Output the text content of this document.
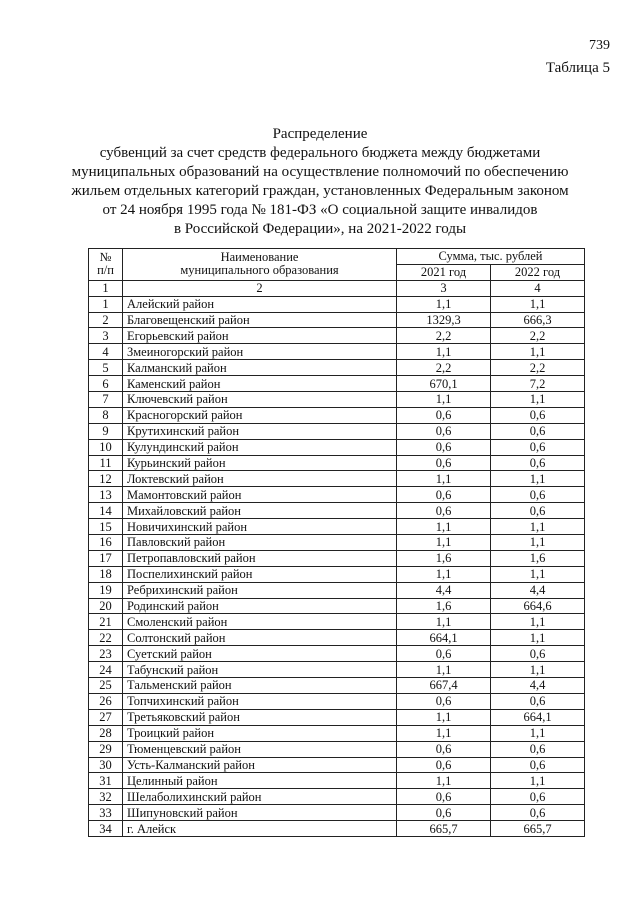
739
Таблица 5
Распределение
субвенций за счет средств федерального бюджета между бюджетами
муниципальных образований на осуществление полномочий по обеспечению
жильем отдельных категорий граждан, установленных Федеральным законом
от 24 ноября 1995 года № 181-ФЗ «О социальной защите инвалидов
в Российской Федерации», на 2021-2022 годы
№
п/п	Наименование
муниципального образования	Сумма, тыс. рублей	
		2021 год	2022 год
1	2	3	4
1	Алейский район	1,1	1,1
2	Благовещенский район	1329,3	666,3
3	Егорьевский район	2,2	2,2
4	Змеиногорский район	1,1	1,1
5	Калманский район	2,2	2,2
6	Каменский район	670,1	7,2
7	Ключевский район	1,1	1,1
8	Красногорский район	0,6	0,6
9	Крутихинский район	0,6	0,6
10	Кулундинский район	0,6	0,6
11	Курьинский район	0,6	0,6
12	Локтевский район	1,1	1,1
13	Мамонтовский район	0,6	0,6
14	Михайловский район	0,6	0,6
15	Новичихинский район	1,1	1,1
16	Павловский район	1,1	1,1
17	Петропавловский район	1,6	1,6
18	Поспелихинский район	1,1	1,1
19	Ребрихинский район	4,4	4,4
20	Родинский район	1,6	664,6
21	Смоленский район	1,1	1,1
22	Солтонский район	664,1	1,1
23	Суетский район	0,6	0,6
24	Табунский район	1,1	1,1
25	Тальменский район	667,4	4,4
26	Топчихинский район	0,6	0,6
27	Третьяковский район	1,1	664,1
28	Троицкий район	1,1	1,1
29	Тюменцевский район	0,6	0,6
30	Усть-Калманский район	0,6	0,6
31	Целинный район	1,1	1,1
32	Шелаболихинский район	0,6	0,6
33	Шипуновский район	0,6	0,6
34	г. Алейск	665,7	665,7
